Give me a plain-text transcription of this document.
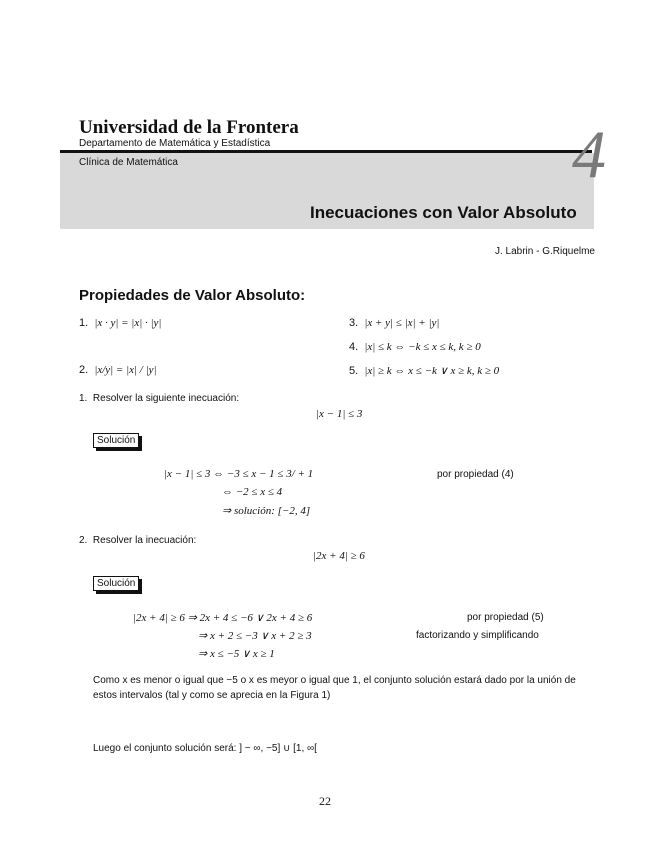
Universidad de la Frontera
Departamento de Matemática y Estadística
Clínica de Matemática	4
Inecuaciones con Valor Absoluto
J. Labrin - G.Riquelme
Propiedades de Valor Absoluto:
1. |x · y| = |x| · |y|
2. |x/y| = |x| / |y|
3. |x + y| ≤ |x| + |y|
4. |x| ≤ k ⇔ −k ≤ x ≤ k, k ≥ 0
5. |x| ≥ k ⇔ x ≤ −k ∨ x ≥ k, k ≥ 0
1. Resolver la siguiente inecuación:
|x − 1| ≤ 3
Solución
|x − 1| ≤ 3 ⇔ −3 ≤ x − 1 ≤ 3/ + 1
⇔ −2 ≤ x ≤ 4
⇒ solución: [−2, 4]
por propiedad (4)
2. Resolver la inecuación:
|2x + 4| ≥ 6
Solución
|2x + 4| ≥ 6 ⇒ 2x + 4 ≤ −6 ∨ 2x + 4 ≥ 6
⇒ x + 2 ≤ −3 ∨ x + 2 ≥ 3
⇒ x ≤ −5 ∨ x ≥ 1
por propiedad (5)
factorizando y simplificando
Como x es menor o igual que −5 o x es meyor o igual que 1, el conjunto solución estará dado por la unión de estos intervalos (tal y como se aprecia en la Figura 1)
Luego el conjunto solución será: ] − ∞, −5] ∪ [1, ∞[
22
